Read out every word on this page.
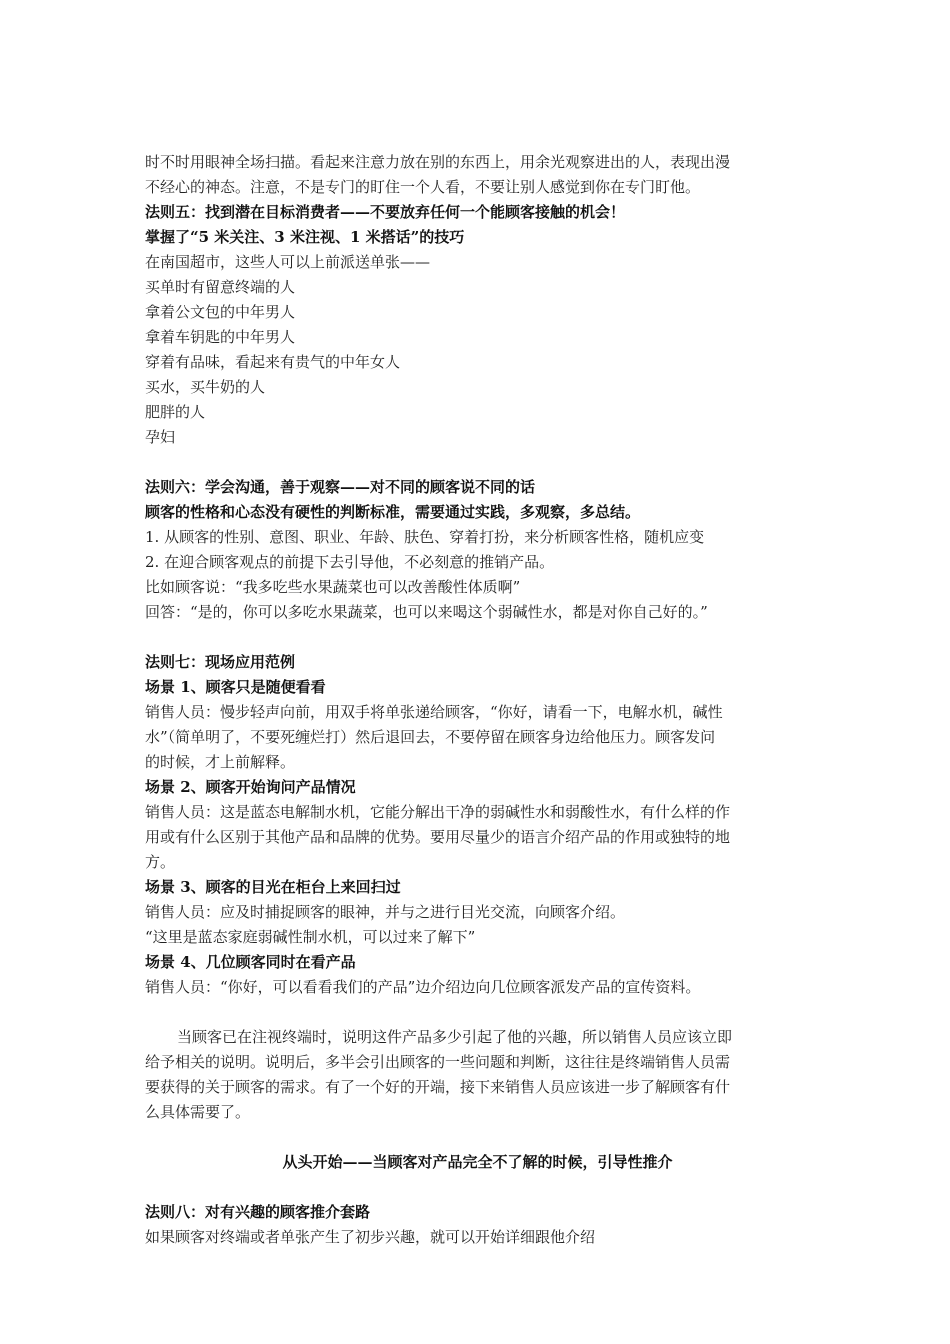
时不时用眼神全场扫描。看起来注意力放在别的东西上，用余光观察进出的人，表现出漫
不经心的神态。注意，不是专门的盯住一个人看，不要让别人感觉到你在专门盯他。
法则五：找到潜在目标消费者——不要放弃任何一个能顾客接触的机会！
掌握了“5 米关注、3 米注视、1 米搭话”的技巧
在南国超市，这些人可以上前派送单张——
买单时有留意终端的人
拿着公文包的中年男人
拿着车钥匙的中年男人
穿着有品味，看起来有贵气的中年女人
买水，买牛奶的人
肥胖的人
孕妇
法则六：学会沟通，善于观察——对不同的顾客说不同的话
顾客的性格和心态没有硬性的判断标准，需要通过实践，多观察，多总结。
1. 从顾客的性别、意图、职业、年龄、肤色、穿着打扮，来分析顾客性格，随机应变
2. 在迎合顾客观点的前提下去引导他，不必刻意的推销产品。
比如顾客说：“我多吃些水果蔬菜也可以改善酸性体质啊”
回答：“是的，你可以多吃水果蔬菜，也可以来喝这个弱碱性水，都是对你自己好的。”
法则七：现场应用范例
场景 1、顾客只是随便看看
销售人员：慢步轻声向前，用双手将单张递给顾客，“你好，请看一下，电解水机，碱性
水”（简单明了，不要死缠烂打）然后退回去，不要停留在顾客身边给他压力。顾客发问
的时候，才上前解释。
场景 2、顾客开始询问产品情况
销售人员：这是蓝态电解制水机，它能分解出干净的弱碱性水和弱酸性水，有什么样的作
用或有什么区别于其他产品和品牌的优势。要用尽量少的语言介绍产品的作用或独特的地
方。
场景 3、顾客的目光在柜台上来回扫过
销售人员：应及时捕捉顾客的眼神，并与之进行目光交流，向顾客介绍。
“这里是蓝态家庭弱碱性制水机，可以过来了解下”
场景 4、几位顾客同时在看产品
销售人员：“你好，可以看看我们的产品”边介绍边向几位顾客派发产品的宣传资料。
当顾客已在注视终端时，说明这件产品多少引起了他的兴趣，所以销售人员应该立即
给予相关的说明。说明后，多半会引出顾客的一些问题和判断，这往往是终端销售人员需
要获得的关于顾客的需求。有了一个好的开端，接下来销售人员应该进一步了解顾客有什
么具体需要了。
从头开始——当顾客对产品完全不了解的时候，引导性推介
法则八：对有兴趣的顾客推介套路
如果顾客对终端或者单张产生了初步兴趣，就可以开始详细跟他介绍
